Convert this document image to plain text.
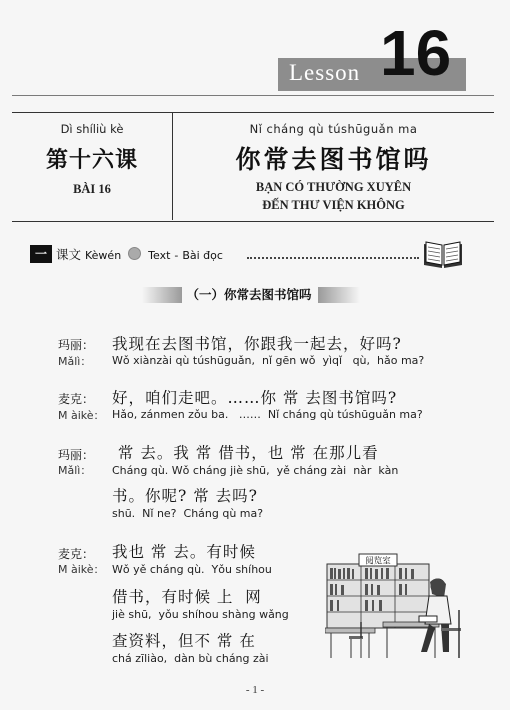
Lesson 16
Dì shíliù kè
第十六课
BÀI 16
Nǐ cháng qù túshūguǎn ma
你常去图书馆吗
BẠN CÓ THƯỜNG XUYÊN
ĐẾN THƯ VIỆN KHÔNG
一 课文 Kèwén Text - Bài đọc
（一）你常去图书馆吗
玛丽：
Mǎlì：
我现在去图书馆，你跟我一起去，好吗?
Wǒ xiànzài qù túshūguǎn,  nǐ gēn wǒ  yìqǐ   qù,  hǎo ma?
麦克：
M àikè：
好，咱们走吧。……你 常 去图书馆吗?
Hǎo, zánmen zǒu ba.   ……  Nǐ cháng qù túshūguǎn ma?
玛丽：
Mǎlì：
常 去。我 常 借书，也 常 在那儿看
Cháng qù. Wǒ cháng jiè shū,  yě cháng zài  nàr  kàn
书。你呢? 常 去吗?
shū.  Nǐ ne?  Cháng qù ma?
麦克：
M àikè：
我也 常 去。有时候
Wǒ yě cháng qù.  Yǒu shíhou
借书，有时候 上  网
jiè shū,  yǒu shíhou shàng wǎng
查资料，但不 常 在
chá zīliào,  dàn bù cháng zài
阅览室
- 1 -
